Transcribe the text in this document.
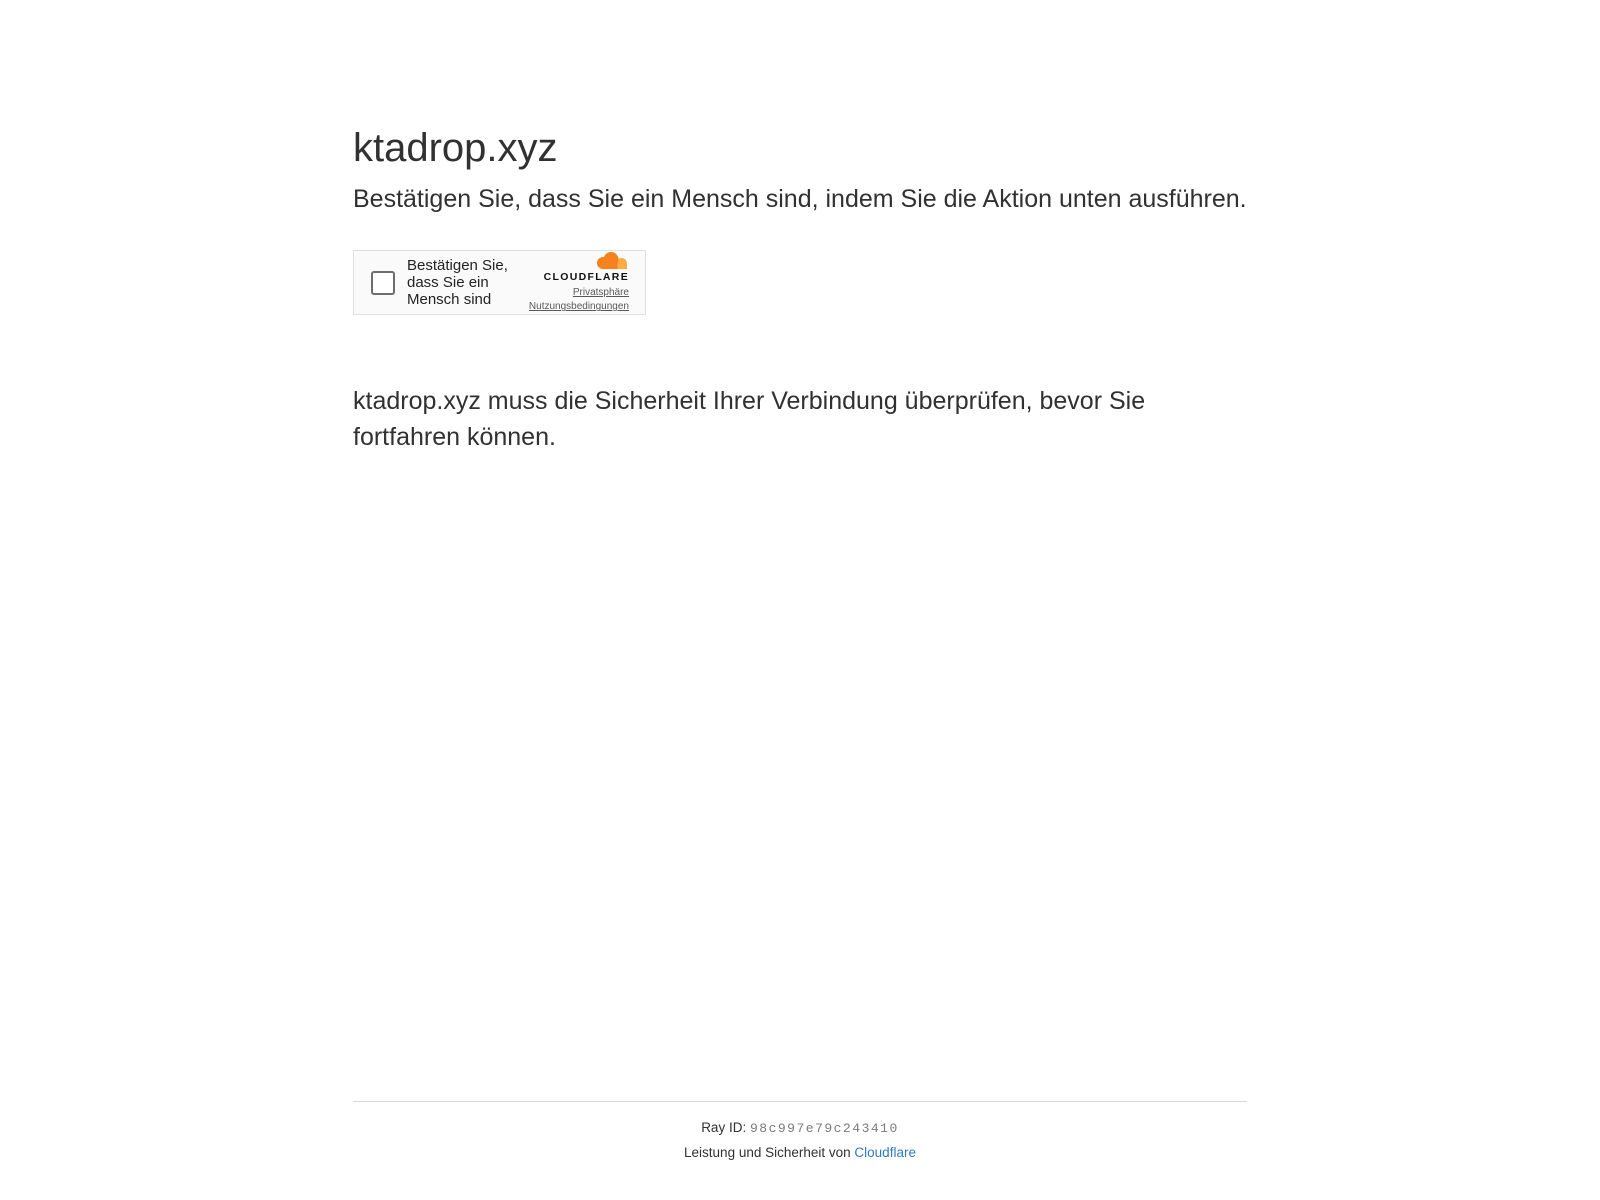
ktadrop.xyz
Bestätigen Sie, dass Sie ein Mensch sind, indem Sie die Aktion unten ausführen.
Bestätigen Sie, dass Sie ein Mensch sind
CLOUDFLARE
Privatsphäre
Nutzungsbedingungen

ktadrop.xyz muss die Sicherheit Ihrer Verbindung überprüfen, bevor Sie fortfahren können.

Ray ID: 98c997e79c243410
Leistung und Sicherheit von Cloudflare
